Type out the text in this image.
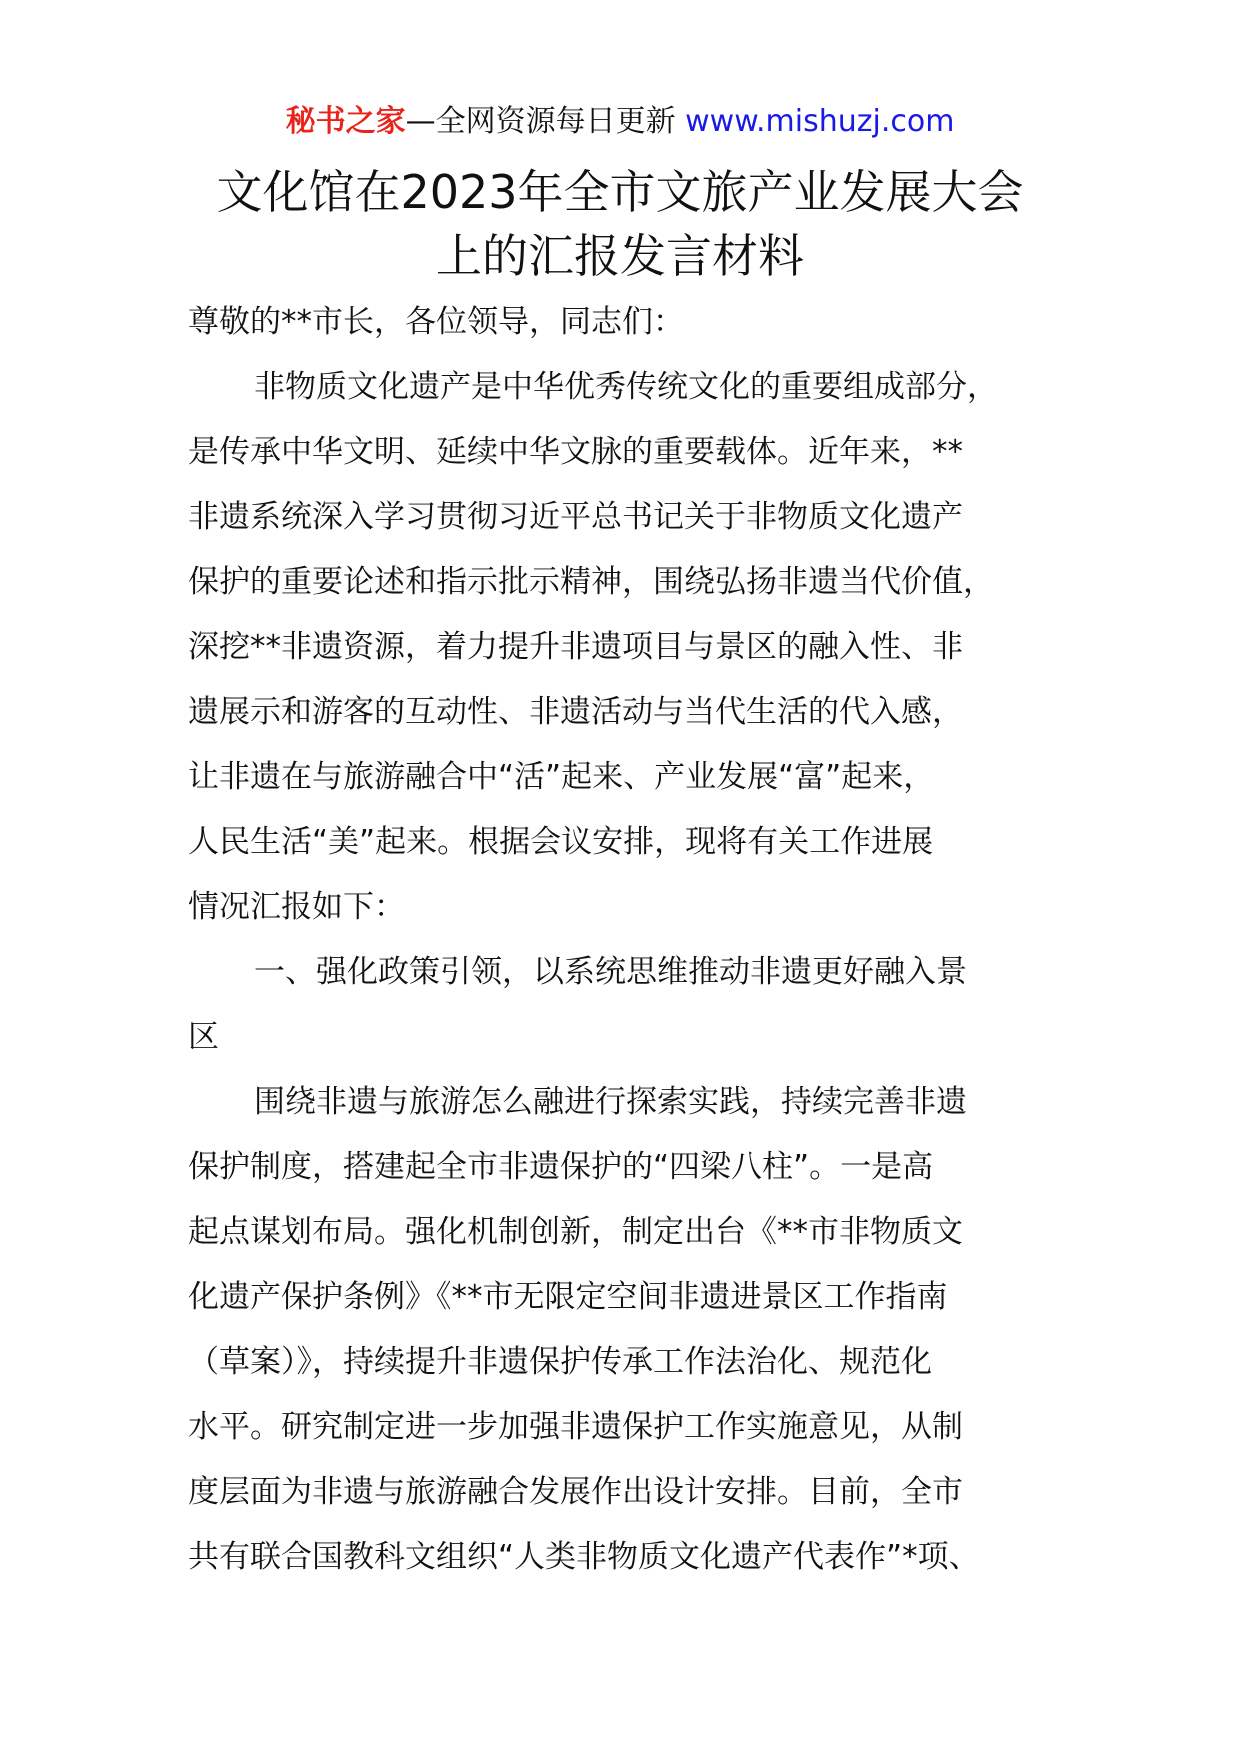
秘书之家—全网资源每日更新 www.mishuzj.com
文化馆在2023年全市文旅产业发展大会
上的汇报发言材料
尊敬的**市长，各位领导，同志们：
非物质文化遗产是中华优秀传统文化的重要组成部分，
是传承中华文明、延续中华文脉的重要载体。近年来，**
非遗系统深入学习贯彻习近平总书记关于非物质文化遗产
保护的重要论述和指示批示精神，围绕弘扬非遗当代价值，
深挖**非遗资源，着力提升非遗项目与景区的融入性、非
遗展示和游客的互动性、非遗活动与当代生活的代入感，
让非遗在与旅游融合中“活”起来、产业发展“富”起来，
人民生活“美”起来。根据会议安排，现将有关工作进展
情况汇报如下：
一、强化政策引领，以系统思维推动非遗更好融入景
区
围绕非遗与旅游怎么融进行探索实践，持续完善非遗
保护制度，搭建起全市非遗保护的“四梁八柱”。一是高
起点谋划布局。强化机制创新，制定出台《**市非物质文
化遗产保护条例》《**市无限定空间非遗进景区工作指南
（草案）》，持续提升非遗保护传承工作法治化、规范化
水平。研究制定进一步加强非遗保护工作实施意见，从制
度层面为非遗与旅游融合发展作出设计安排。目前，全市
共有联合国教科文组织“人类非物质文化遗产代表作”*项、
